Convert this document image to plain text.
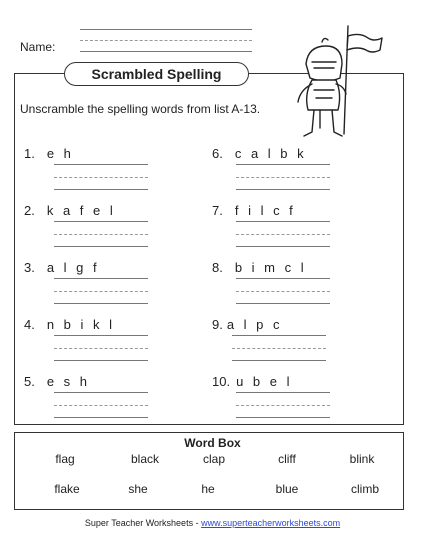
Name:
Scrambled Spelling
Unscramble the spelling words from list A-13.
1. e h
2. k a f e l
3. a l g f
4. n b i k l
5. e s h
6. c a l b k
7. f i l c f
8. b i m c l
9. a l p c
10. u b e l
Word Box
flag	black	clap	cliff	blink
flake	she	he	blue	climb
Super Teacher Worksheets - www.superteacherworksheets.com
